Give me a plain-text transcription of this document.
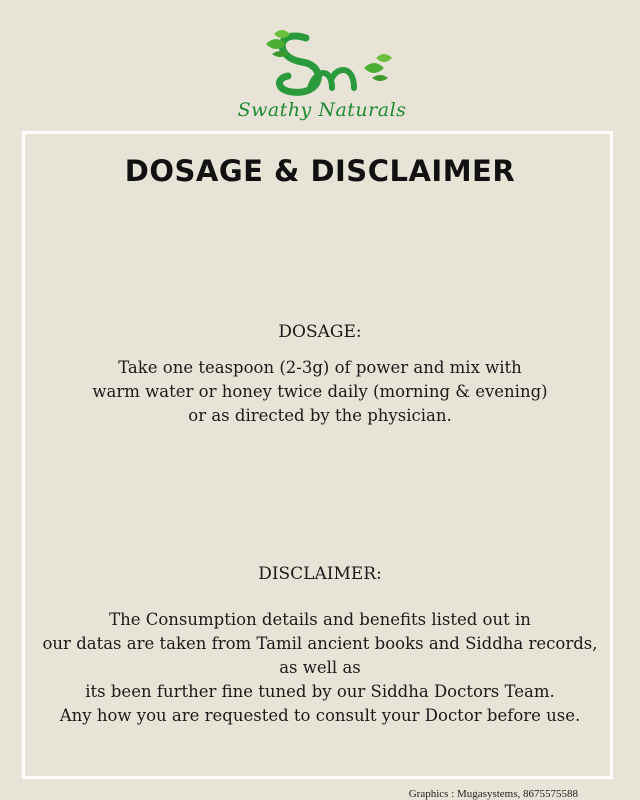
Swathy Naturals
DOSAGE & DISCLAIMER
DOSAGE:
Take one teaspoon (2-3g) of power and mix with
warm water or honey twice daily (morning & evening)
or as directed by the physician.
DISCLAIMER:
The Consumption details and benefits listed out in
our datas are taken from Tamil ancient books and Siddha records,
as well as
its been further fine tuned by our Siddha Doctors Team.
Any how you are requested to consult your Doctor before use.
Graphics : Mugasystems, 8675575588
